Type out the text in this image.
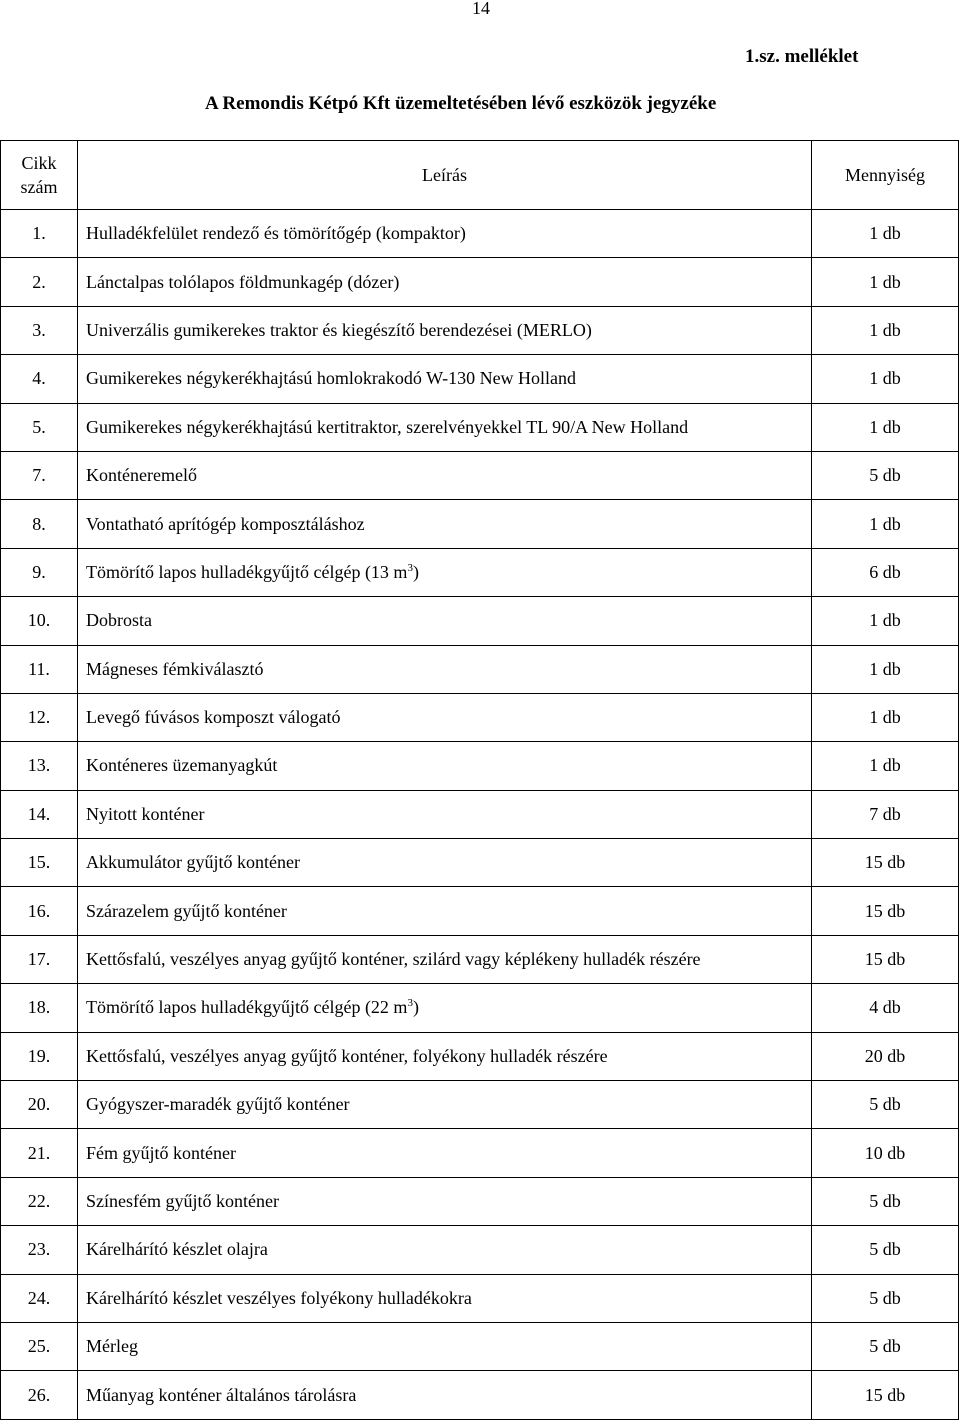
14
1.sz. melléklet
A Remondis Kétpó Kft üzemeltetésében lévő eszközök jegyzéke
Cikk
szám	Leírás	Mennyiség
1.	Hulladékfelület rendező és tömörítőgép (kompaktor)	1 db
2.	Lánctalpas tolólapos földmunkagép (dózer)	1 db
3.	Univerzális gumikerekes traktor és kiegészítő berendezései (MERLO)	1 db
4.	Gumikerekes négykerékhajtású homlokrakodó W-130 New Holland	1 db
5.	Gumikerekes négykerékhajtású kertitraktor, szerelvényekkel TL 90/A New Holland	1 db
7.	Konténeremelő	5 db
8.	Vontatható aprítógép komposztáláshoz	1 db
9.	Tömörítő lapos hulladékgyűjtő célgép (13 $m^3$)	6 db
10.	Dobrosta	1 db
11.	Mágneses fémkiválasztó	1 db
12.	Levegő fúvásos komposzt válogató	1 db
13.	Konténeres üzemanyagkút	1 db
14.	Nyitott konténer	7 db
15.	Akkumulátor gyűjtő konténer	15 db
16.	Szárazelem gyűjtő konténer	15 db
17.	Kettősfalú, veszélyes anyag gyűjtő konténer, szilárd vagy képlékeny hulladék részére	15 db
18.	Tömörítő lapos hulladékgyűjtő célgép (22 $m^3$)	4 db
19.	Kettősfalú, veszélyes anyag gyűjtő konténer, folyékony hulladék részére	20 db
20.	Gyógyszer-maradék gyűjtő konténer	5 db
21.	Fém gyűjtő konténer	10 db
22.	Színesfém gyűjtő konténer	5 db
23.	Kárelhárító készlet olajra	5 db
24.	Kárelhárító készlet veszélyes folyékony hulladékokra	5 db
25.	Mérleg	5 db
26.	Műanyag konténer általános tárolásra	15 db
